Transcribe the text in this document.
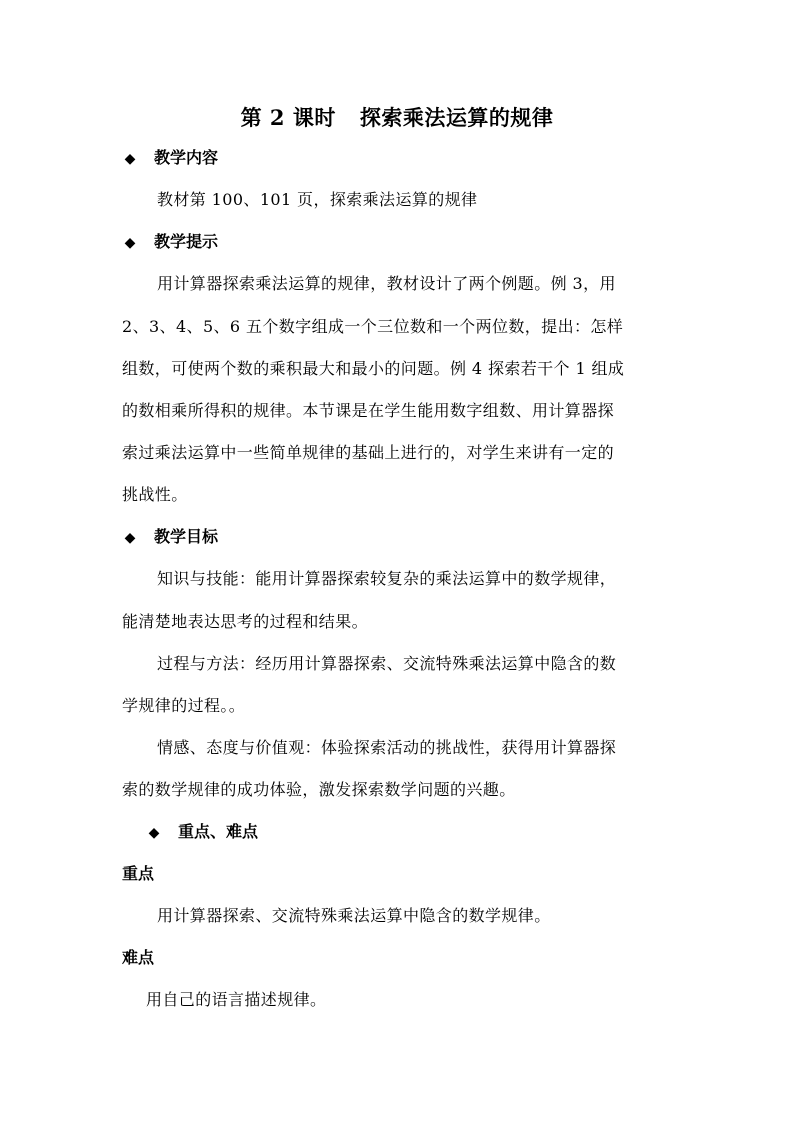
第 2 课时 探索乘法运算的规律
◆ 教学内容
教材第 100、101 页，探索乘法运算的规律
◆ 教学提示
用计算器探索乘法运算的规律，教材设计了两个例题。例 3，用
2、3、4、5、6 五个数字组成一个三位数和一个两位数，提出：怎样
组数，可使两个数的乘积最大和最小的问题。例 4 探索若干个 1 组成
的数相乘所得积的规律。本节课是在学生能用数字组数、用计算器探
索过乘法运算中一些简单规律的基础上进行的，对学生来讲有一定的
挑战性。
◆ 教学目标
知识与技能：能用计算器探索较复杂的乘法运算中的数学规律，
能清楚地表达思考的过程和结果。
过程与方法：经历用计算器探索、交流特殊乘法运算中隐含的数
学规律的过程。。
情感、态度与价值观：体验探索活动的挑战性，获得用计算器探
索的数学规律的成功体验，激发探索数学问题的兴趣。
◆ 重点、难点
重点
用计算器探索、交流特殊乘法运算中隐含的数学规律。
难点
用自己的语言描述规律。
